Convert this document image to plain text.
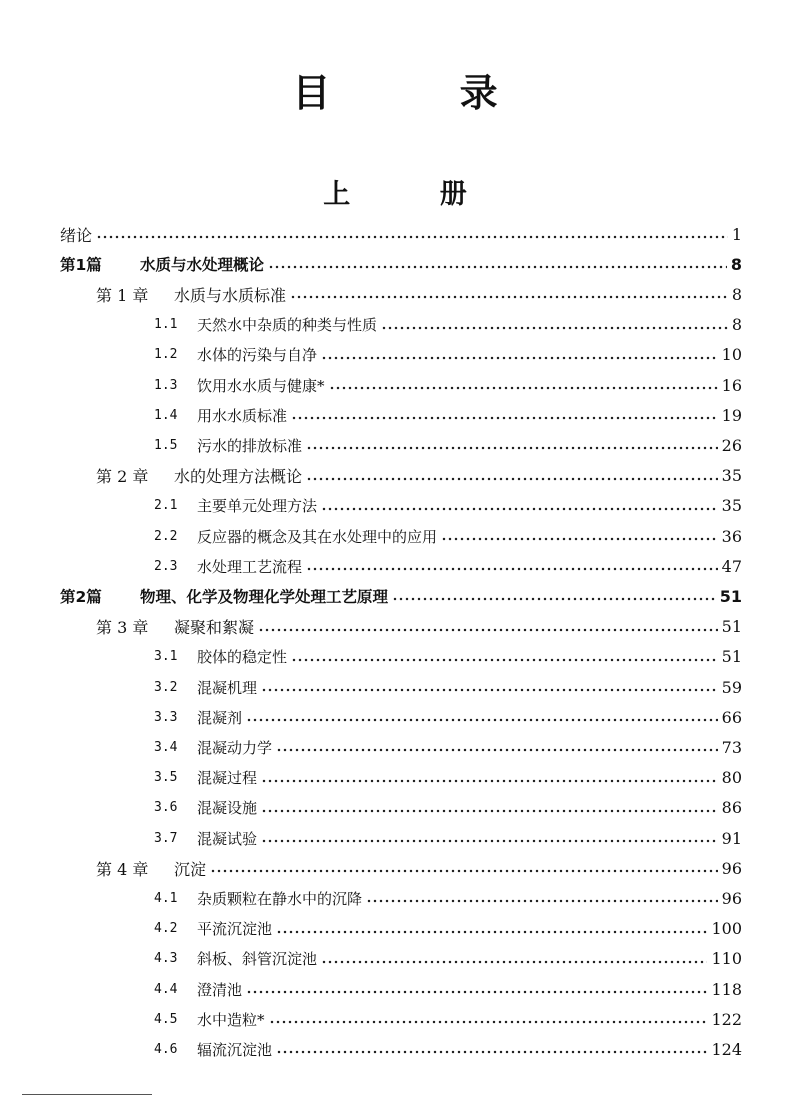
目 录
上 册
绪论	1
第1篇	水质与水处理概论	8
第 1 章	水质与水质标准	8
1.1	天然水中杂质的种类与性质	8
1.2	水体的污染与自净	10
1.3	饮用水水质与健康*	16
1.4	用水水质标准	19
1.5	污水的排放标准	26
第 2 章	水的处理方法概论	35
2.1	主要单元处理方法	35
2.2	反应器的概念及其在水处理中的应用	36
2.3	水处理工艺流程	47
第2篇	物理、化学及物理化学处理工艺原理	51
第 3 章	凝聚和絮凝	51
3.1	胶体的稳定性	51
3.2	混凝机理	59
3.3	混凝剂	66
3.4	混凝动力学	73
3.5	混凝过程	80
3.6	混凝设施	86
3.7	混凝试验	91
第 4 章	沉淀	96
4.1	杂质颗粒在静水中的沉降	96
4.2	平流沉淀池	100
4.3	斜板、斜管沉淀池	110
4.4	澄清池	118
4.5	水中造粒*	122
4.6	辐流沉淀池	124
